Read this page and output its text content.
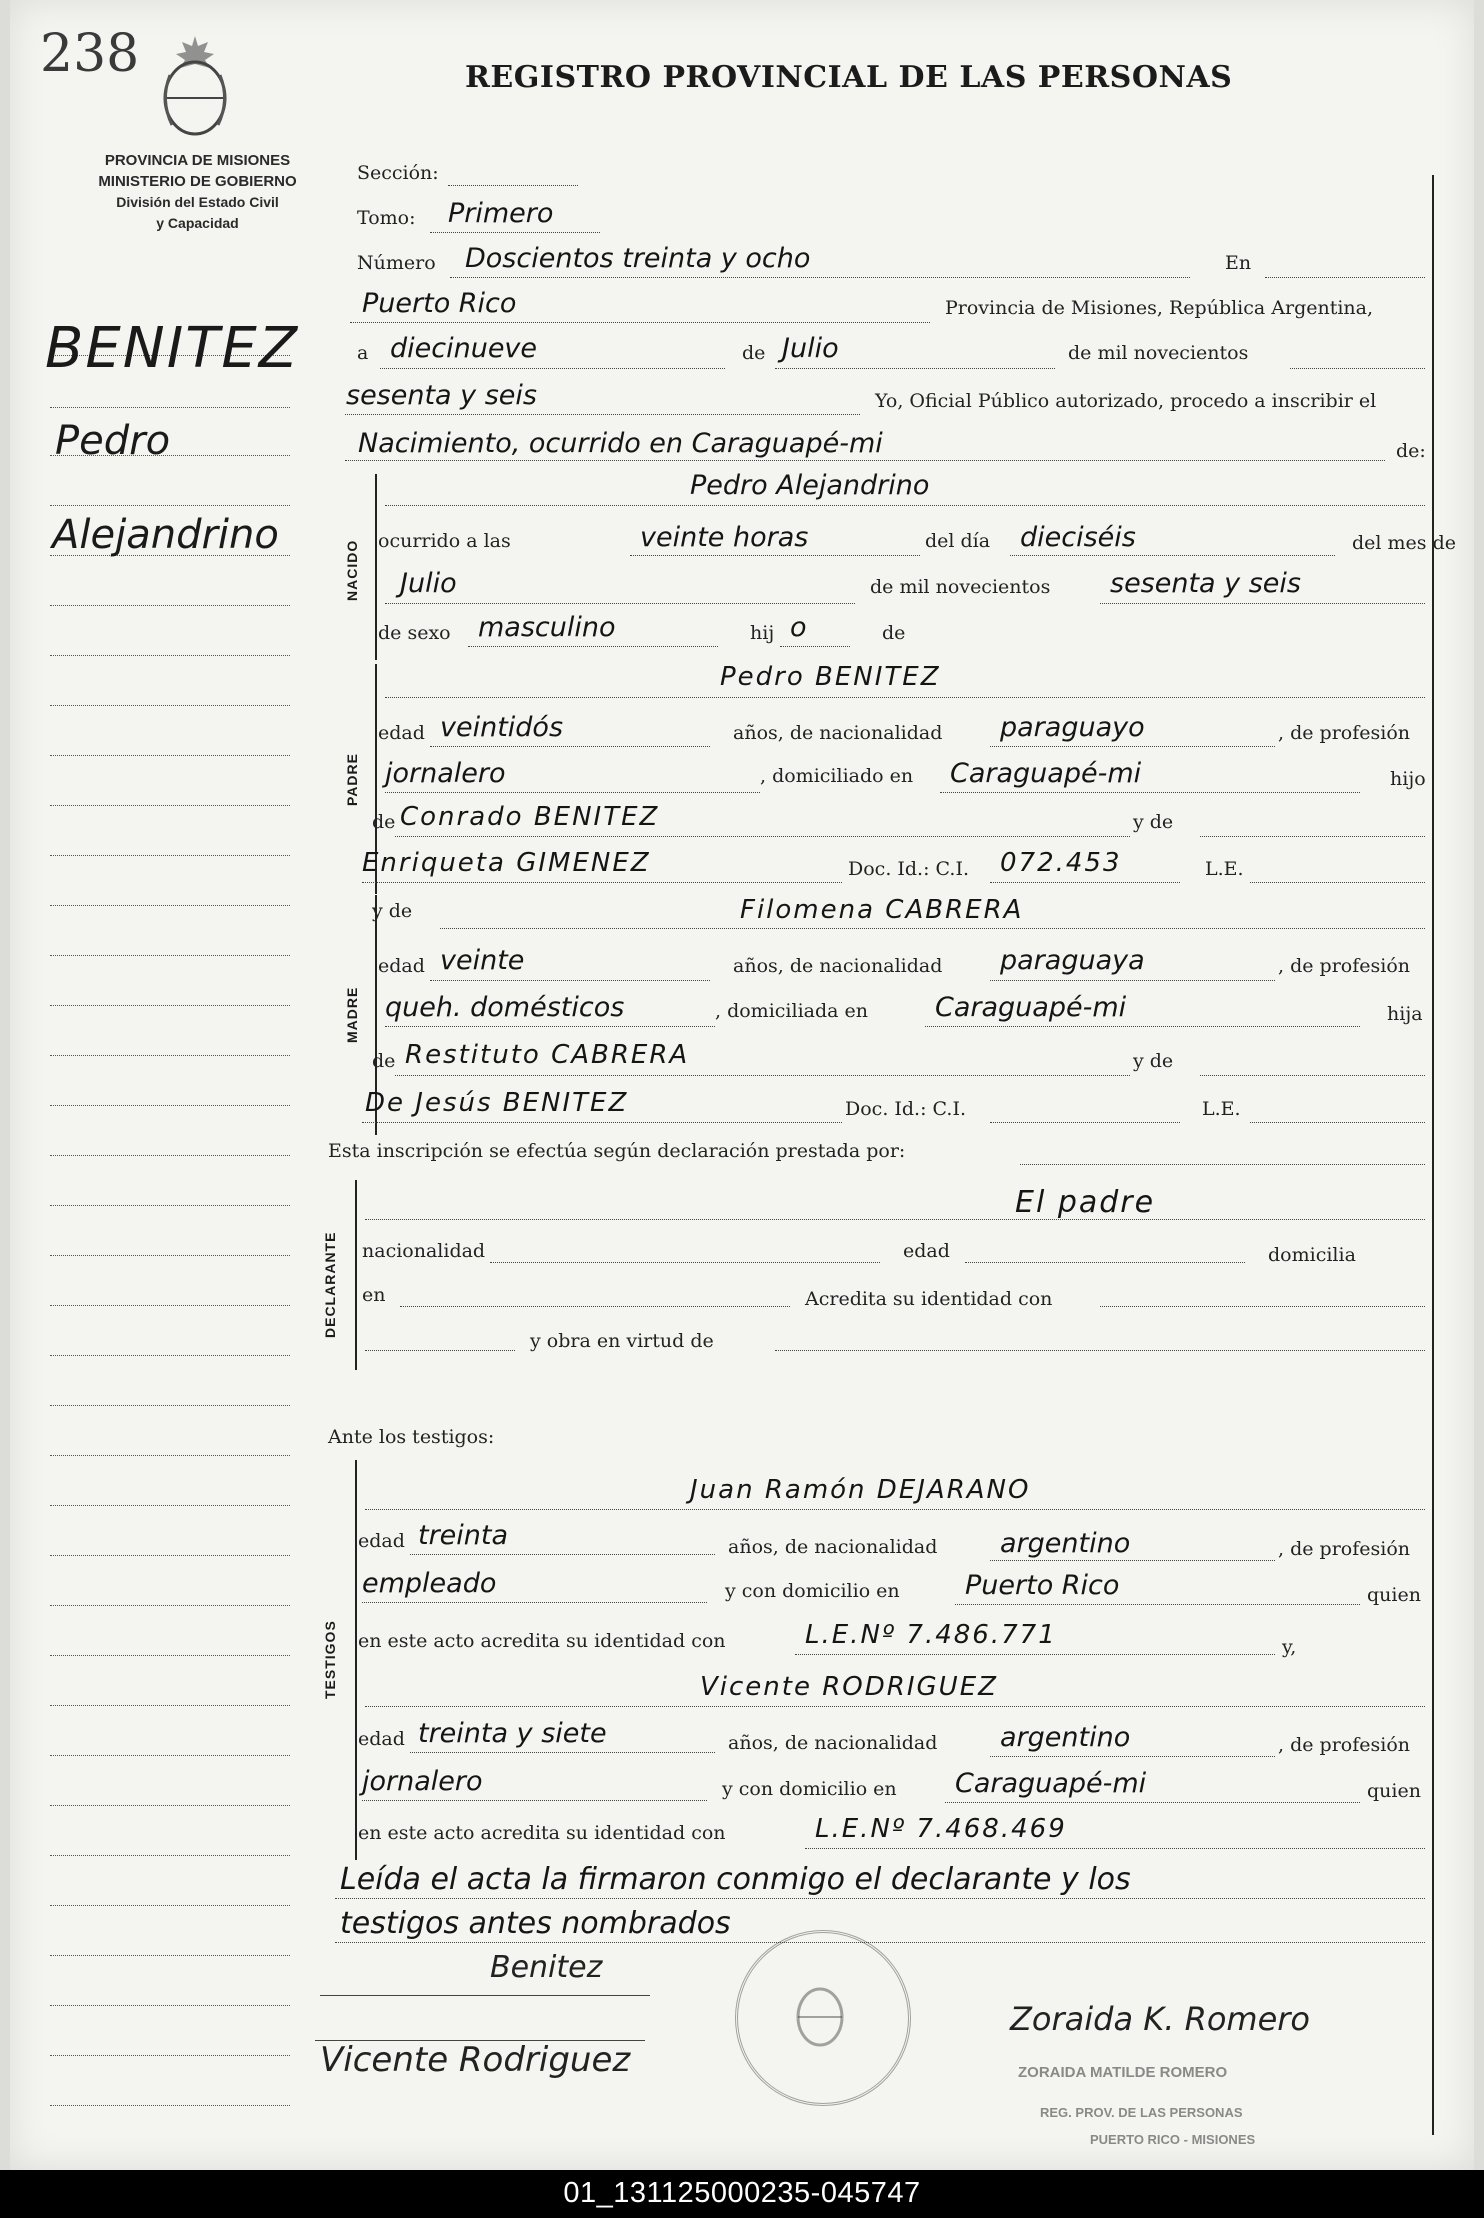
238	REGISTRO PROVINCIAL DE LAS PERSONAS
PROVINCIA DE MISIONES
MINISTERIO DE GOBIERNO
División del Estado Civil
y Capacidad
BENITEZ
Pedro
Alejandrino
Sección:
Tomo: Primero
Número Doscientos treinta y ocho	En
Puerto Rico	Provincia de Misiones, República Argentina,
a diecinueve	de Julio	de mil novecientos
sesenta y seis	Yo, Oficial Público autorizado, procedo a inscribir el
Nacimiento, ocurrido en Caraguapé-mi	de:
NACIDO
Pedro Alejandrino
ocurrido a las	veinte horas	del día dieciséis	del mes de
Julio	de mil novecientos sesenta y seis
de sexo masculino	hij o	de
PADRE
Pedro BENITEZ
edad veintidós	años, de nacionalidad paraguayo	, de profesión
jornalero	, domiciliado en Caraguapé-mi	hijo
de Conrado BENITEZ	y de
Enriqueta GIMENEZ	Doc. Id.: C.I. 072.453	L.E.
MADRE
y de	Filomena CABRERA
edad veinte	años, de nacionalidad paraguaya	, de profesión
queh. domésticos	, domiciliada en Caraguapé-mi	hija
de Restituto CABRERA	y de
De Jesús BENITEZ	Doc. Id.: C.I.	L.E.
Esta inscripción se efectúa según declaración prestada por:
DECLARANTE
El padre
nacionalidad	edad	domicilia
en	Acredita su identidad con
y obra en virtud de
Ante los testigos:
TESTIGOS
Juan Ramón DEJARANO
edad treinta	años, de nacionalidad argentino	, de profesión
empleado	y con domicilio en Puerto Rico	quien
en este acto acredita su identidad con	L.E.Nº 7.486.771	y,
Vicente RODRIGUEZ
edad treinta y siete	años, de nacionalidad argentino	, de profesión
jornalero	y con domicilio en Caraguapé-mi	quien
en este acto acredita su identidad con	L.E.Nº 7.468.469
Leída el acta la firmaron conmigo el declarante y los
testigos antes nombrados
ZORAIDA MATILDE ROMERO
REG. PROV. DE LAS PERSONAS
PUERTO RICO - MISIONES
Benitez
Vicente Rodriguez
Zoraida K. Romero
01_131125000235-045747
